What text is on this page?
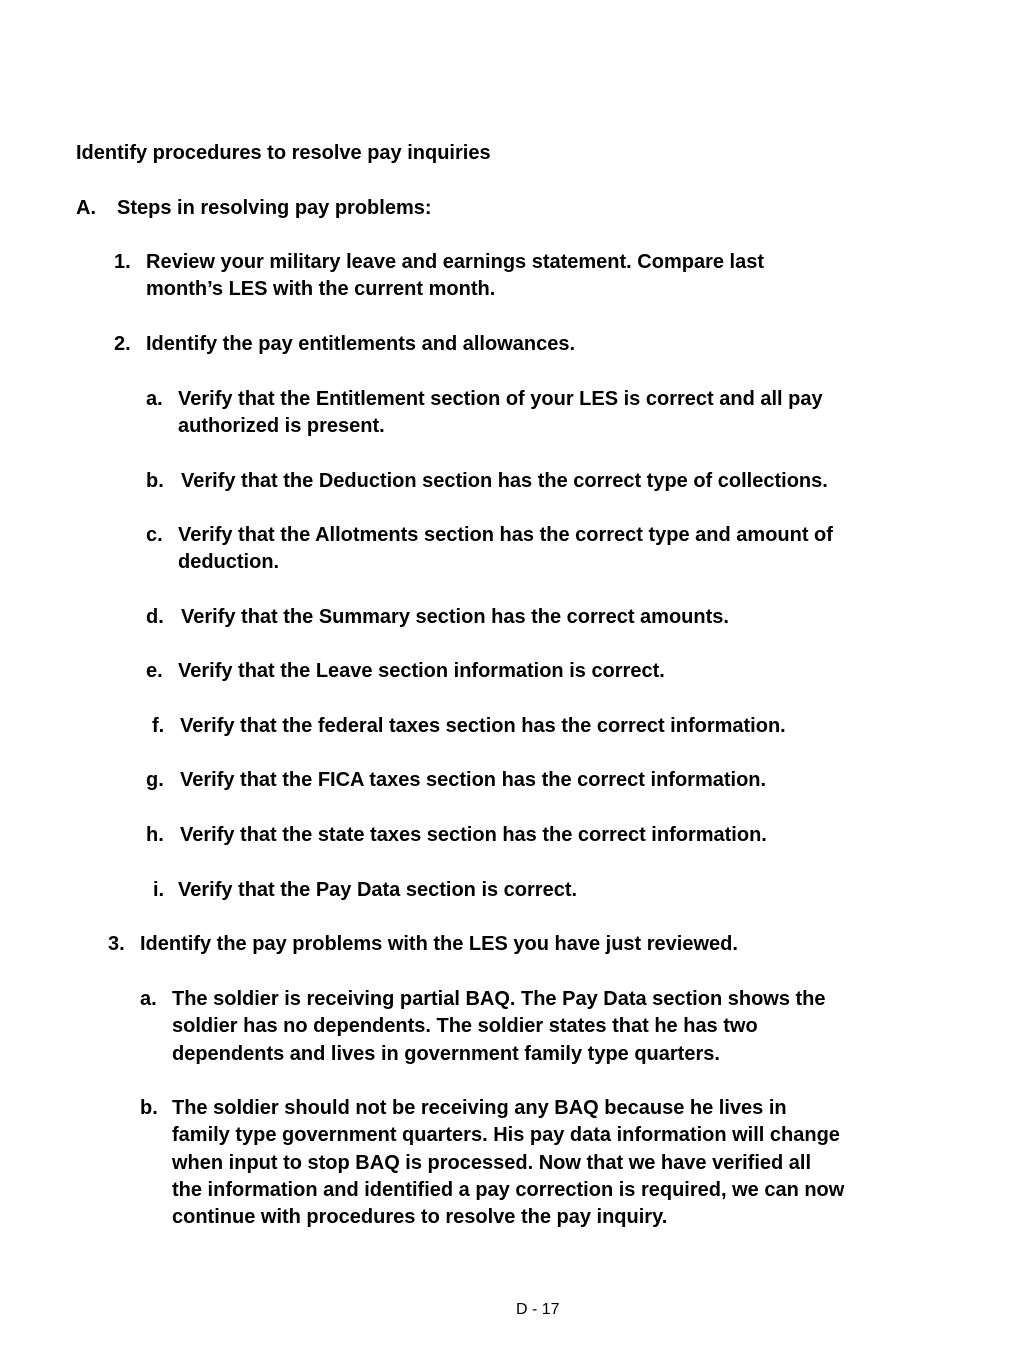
Identify procedures to resolve pay inquiries
A. Steps in resolving pay problems:
1. Review your military leave and earnings statement. Compare last
month’s LES with the current month.
2. Identify the pay entitlements and allowances.
a. Verify that the Entitlement section of your LES is correct and all pay
authorized is present.
b. Verify that the Deduction section has the correct type of collections.
c. Verify that the Allotments section has the correct type and amount of
deduction.
d. Verify that the Summary section has the correct amounts.
e. Verify that the Leave section information is correct.
f. Verify that the federal taxes section has the correct information.
g. Verify that the FICA taxes section has the correct information.
h. Verify that the state taxes section has the correct information.
i. Verify that the Pay Data section is correct.
3. Identify the pay problems with the LES you have just reviewed.
a. The soldier is receiving partial BAQ. The Pay Data section shows the
soldier has no dependents. The soldier states that he has two
dependents and lives in government family type quarters.
b. The soldier should not be receiving any BAQ because he lives in
family type government quarters. His pay data information will change
when input to stop BAQ is processed. Now that we have verified all
the information and identified a pay correction is required, we can now
continue with procedures to resolve the pay inquiry.
D - 17
